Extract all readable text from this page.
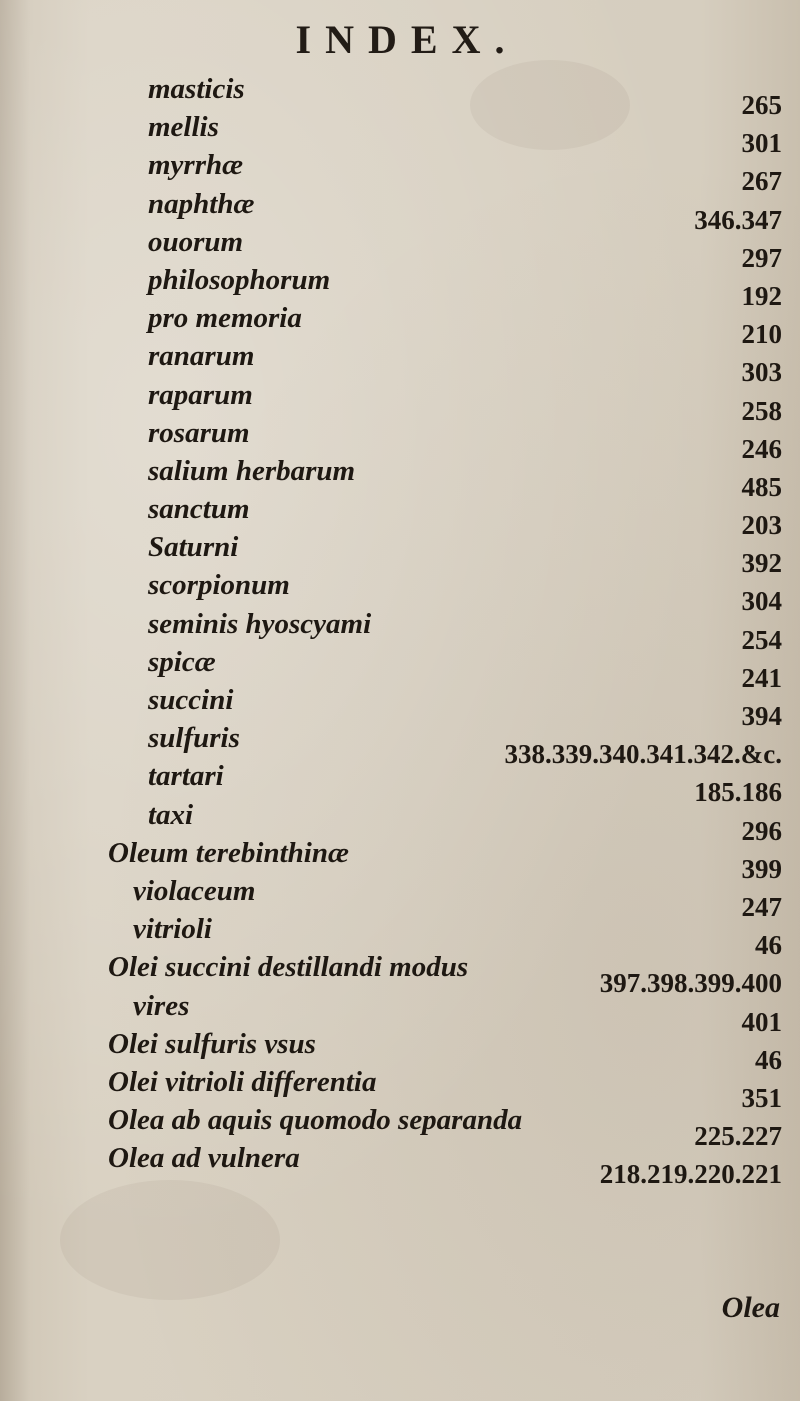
INDEX.
masticis	265
mellis	301
myrrhæ	267
naphthæ	346.347
ouorum	297
philosophorum	192
pro memoria	210
ranarum	303
raparum	258
rosarum	246
salium herbarum	485
sanctum	203
Saturni	392
scorpionum	304
seminis hyoscyami	254
spicæ	241
succini	394
sulfuris	338.339.340.341.342.&c.
tartari	185.186
taxi	296
Oleum terebinthinæ	399
violaceum	247
vitrioli	46
Olei succini destillandi modus	397.398.399.400
vires	401
Olei sulfuris vsus	46
Olei vitrioli differentia	351
Olea ab aquis quomodo separanda	225.227
Olea ad vulnera	218.219.220.221
Olea
